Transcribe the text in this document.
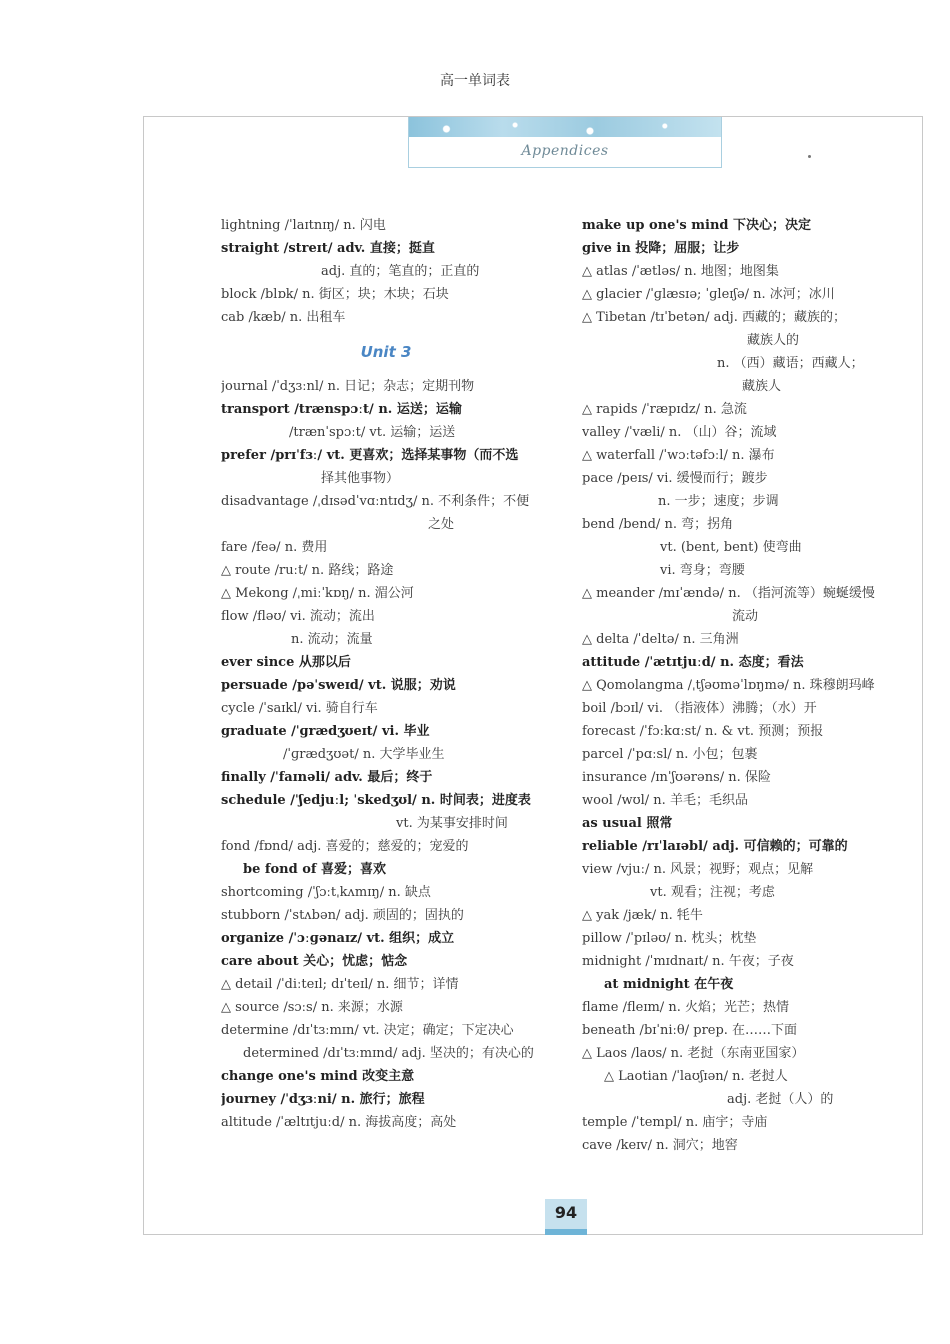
高一单词表
Appendices
lightning /ˈlaɪtnɪŋ/ n. 闪电
straight /streɪt/ adv. 直接；挺直
adj. 直的；笔直的；正直的
block /blɒk/ n. 街区；块；木块；石块
cab /kæb/ n. 出租车
Unit 3
journal /ˈdʒɜːnl/ n. 日记；杂志；定期刊物
transport /trænspɔːt/ n. 运送；运输
/trænˈspɔːt/ vt. 运输；运送
prefer /prɪˈfɜː/ vt. 更喜欢；选择某事物（而不选
择其他事物）
disadvantage /ˌdɪsədˈvɑːntɪdʒ/ n. 不利条件；不便
之处
fare /feə/ n. 费用
△ route /ruːt/ n. 路线；路途
△ Mekong /ˌmiːˈkɒŋ/ n. 湄公河
flow /fləʊ/ vi. 流动；流出
n. 流动；流量
ever since 从那以后
persuade /pəˈsweɪd/ vt. 说服；劝说
cycle /ˈsaɪkl/ vi. 骑自行车
graduate /ˈɡrædʒʊeɪt/ vi. 毕业
/ˈɡrædʒʊət/ n. 大学毕业生
finally /ˈfaɪnəli/ adv. 最后；终于
schedule /ˈʃedjuːl; ˈskedʒʊl/ n. 时间表；进度表
vt. 为某事安排时间
fond /fɒnd/ adj. 喜爱的；慈爱的；宠爱的
be fond of 喜爱；喜欢
shortcoming /ˈʃɔːtˌkʌmɪŋ/ n. 缺点
stubborn /ˈstʌbən/ adj. 顽固的；固执的
organize /ˈɔːɡənaɪz/ vt. 组织；成立
care about 关心；忧虑；惦念
△ detail /ˈdiːteɪl; dɪˈteɪl/ n. 细节；详情
△ source /sɔːs/ n. 来源；水源
determine /dɪˈtɜːmɪn/ vt. 决定；确定；下定决心
determined /dɪˈtɜːmɪnd/ adj. 坚决的；有决心的
change one's mind 改变主意
journey /ˈdʒɜːni/ n. 旅行；旅程
altitude /ˈæltɪtjuːd/ n. 海拔高度；高处
make up one's mind 下决心；决定
give in 投降；屈服；让步
△ atlas /ˈætləs/ n. 地图；地图集
△ glacier /ˈɡlæsɪə; ˈɡleɪʃə/ n. 冰河；冰川
△ Tibetan /tɪˈbetən/ adj. 西藏的；藏族的；
藏族人的
n. （西）藏语；西藏人；
藏族人
△ rapids /ˈræpɪdz/ n. 急流
valley /ˈvæli/ n. （山）谷；流域
△ waterfall /ˈwɔːtəfɔːl/ n. 瀑布
pace /peɪs/ vi. 缓慢而行；踱步
n. 一步；速度；步调
bend /bend/ n. 弯；拐角
vt. (bent, bent) 使弯曲
vi. 弯身；弯腰
△ meander /mɪˈændə/ n. （指河流等）蜿蜒缓慢
流动
△ delta /ˈdeltə/ n. 三角洲
attitude /ˈætɪtjuːd/ n. 态度；看法
△ Qomolangma /ˌtʃəʊməˈlɒŋmə/ n. 珠穆朗玛峰
boil /bɔɪl/ vi. （指液体）沸腾；（水）开
forecast /ˈfɔːkɑːst/ n. & vt. 预测；预报
parcel /ˈpɑːsl/ n. 小包；包裹
insurance /ɪnˈʃʊərəns/ n. 保险
wool /wʊl/ n. 羊毛；毛织品
as usual 照常
reliable /rɪˈlaɪəbl/ adj. 可信赖的；可靠的
view /vjuː/ n. 风景；视野；观点；见解
vt. 观看；注视；考虑
△ yak /jæk/ n. 牦牛
pillow /ˈpɪləʊ/ n. 枕头；枕垫
midnight /ˈmɪdnaɪt/ n. 午夜；子夜
at midnight 在午夜
flame /fleɪm/ n. 火焰；光芒；热情
beneath /bɪˈniːθ/ prep. 在……下面
△ Laos /laʊs/ n. 老挝（东南亚国家）
△ Laotian /ˈlaʊʃɪən/ n. 老挝人
adj. 老挝（人）的
temple /ˈtempl/ n. 庙宇；寺庙
cave /keɪv/ n. 洞穴；地窖
94
